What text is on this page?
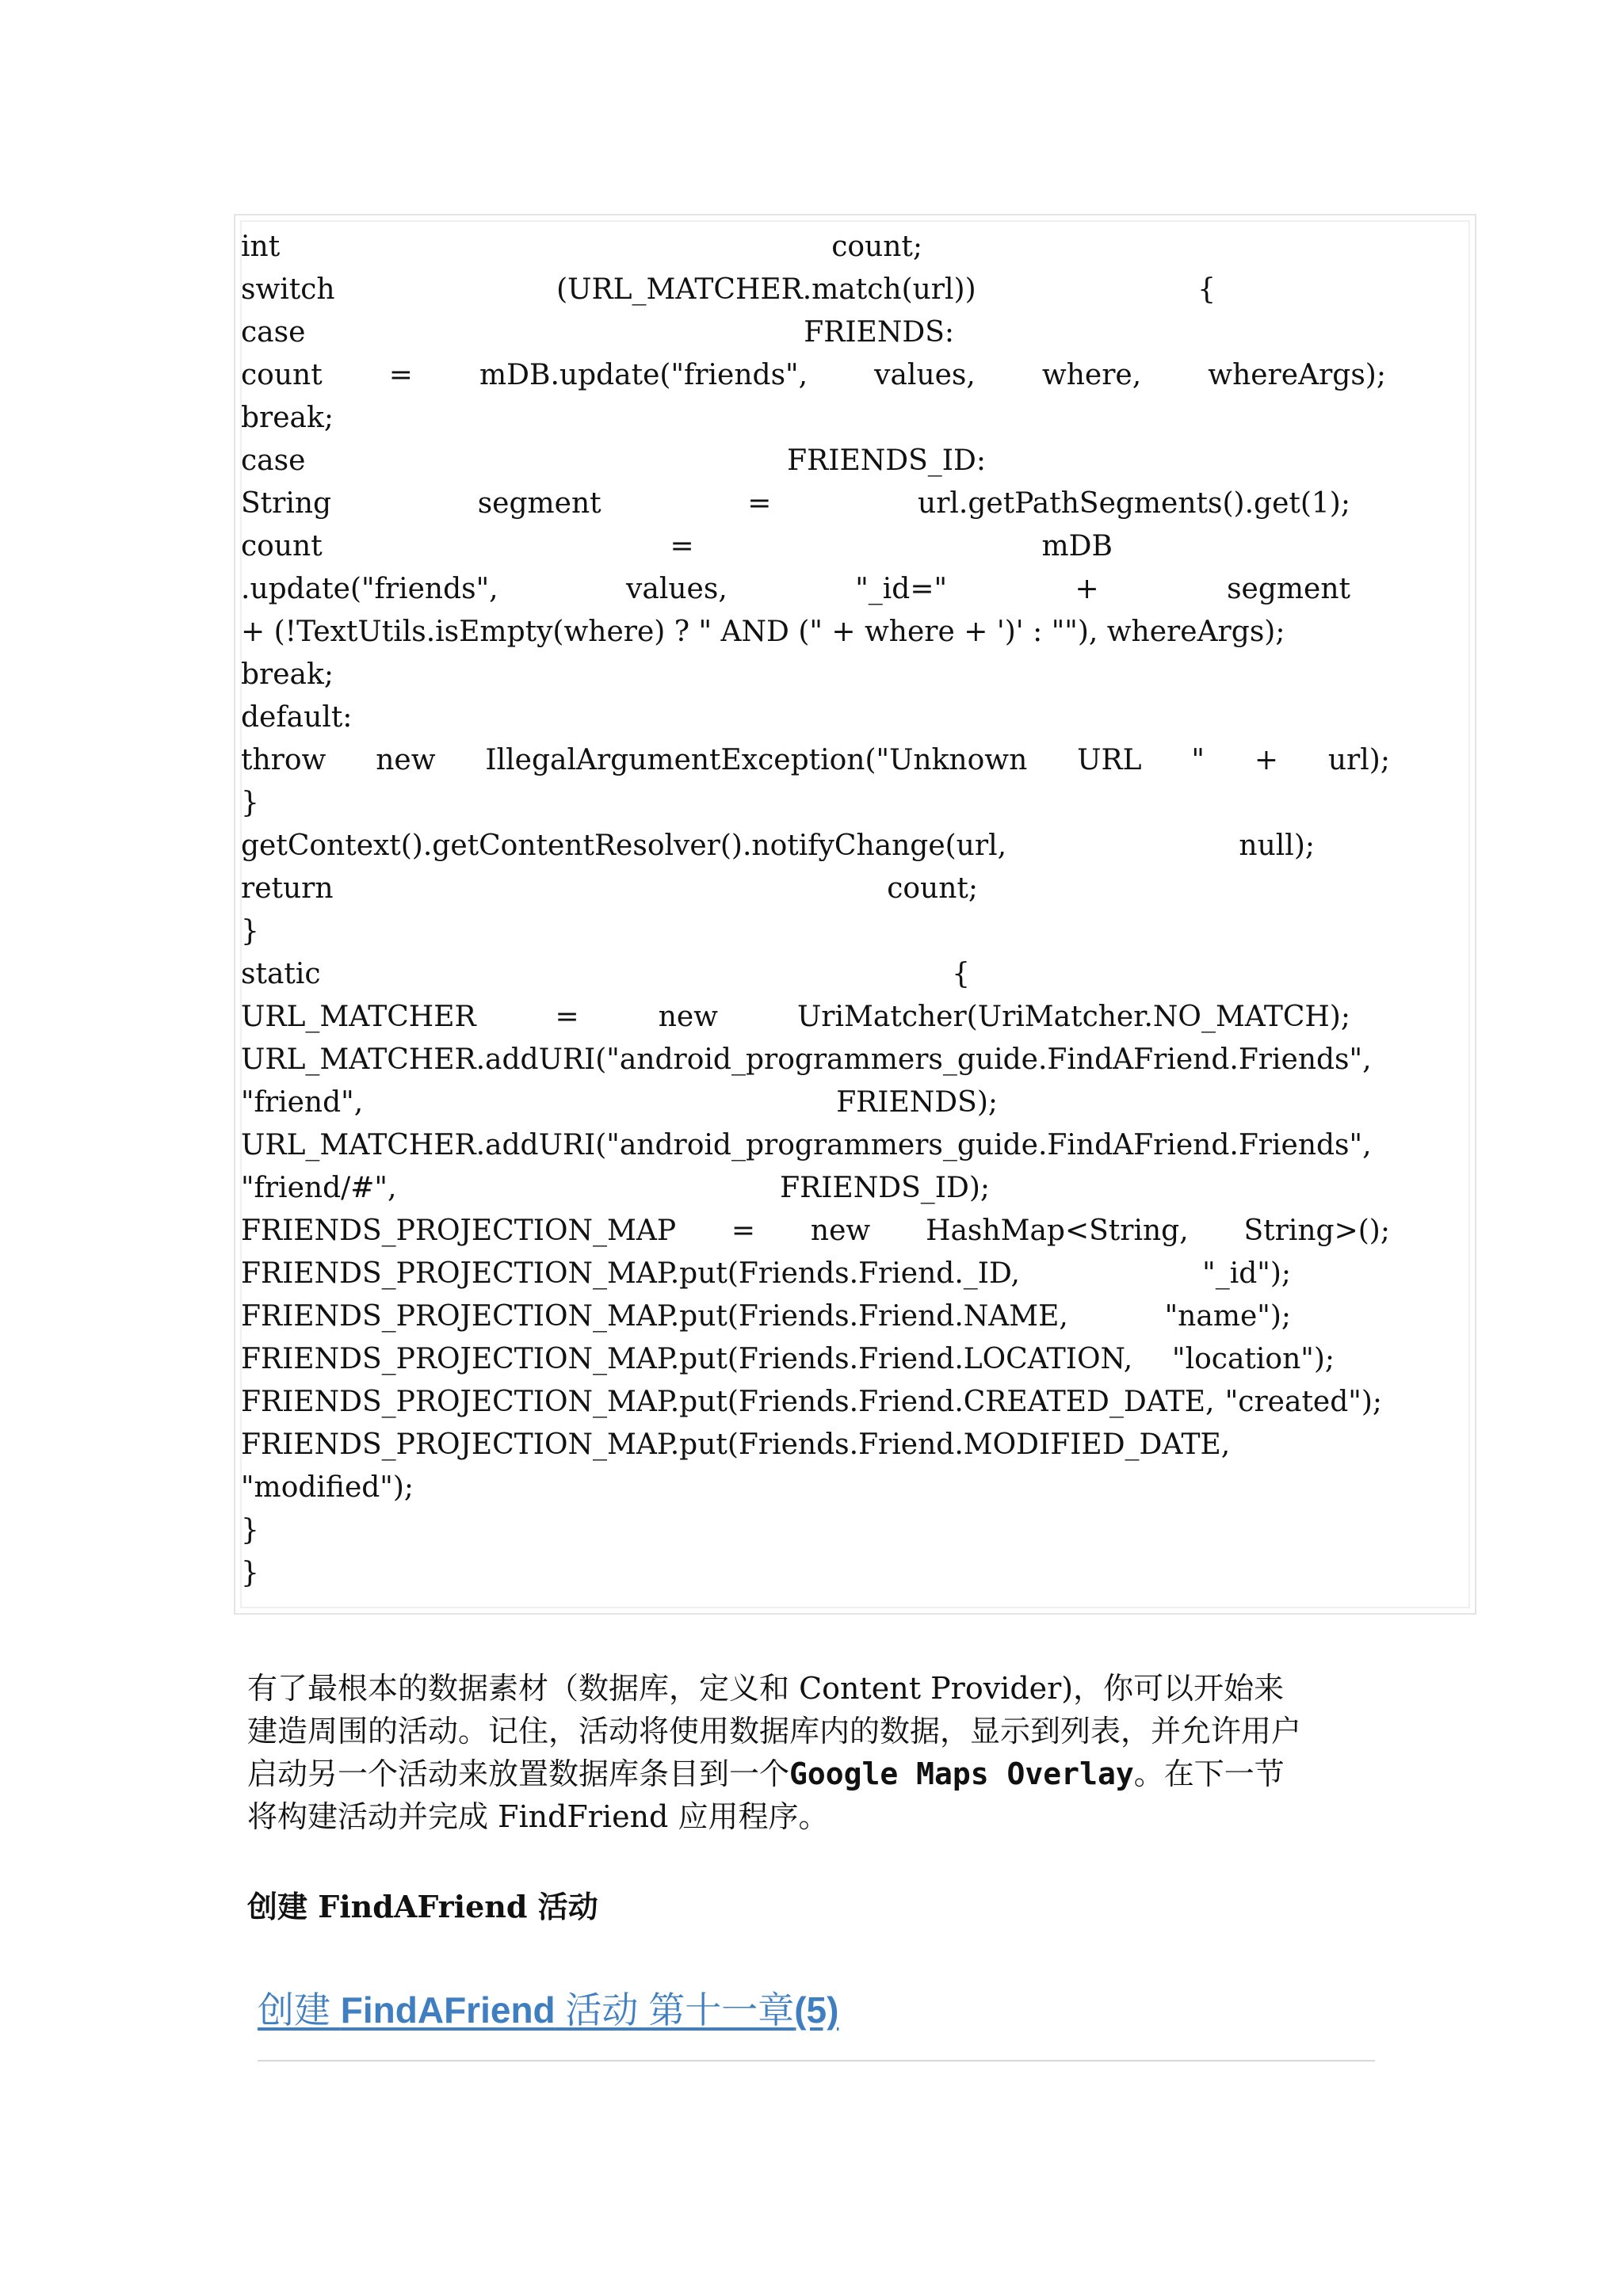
int	count;
switch	(URL_MATCHER.match(url))	{
case	FRIENDS:
count = mDB.update("friends", values, where, whereArgs);
break;
case	FRIENDS_ID:
String	segment	=	url.getPathSegments().get(1);
count	=	mDB
.update("friends",	values,	"_id="	+	segment
+ (!TextUtils.isEmpty(where) ? " AND (" + where + ')' : ""), whereArgs);
break;
default:
throw new IllegalArgumentException("Unknown URL " + url);
}
getContext().getContentResolver().notifyChange(url,	null);
return	count;
}
static	{
URL_MATCHER	=	new	UriMatcher(UriMatcher.NO_MATCH);
URL_MATCHER.addURI("android_programmers_guide.FindAFriend.Friends",
"friend",	FRIENDS);
URL_MATCHER.addURI("android_programmers_guide.FindAFriend.Friends",
"friend/#",	FRIENDS_ID);
FRIENDS_PROJECTION_MAP = new HashMap<String, String>();
FRIENDS_PROJECTION_MAP.put(Friends.Friend._ID,	"_id");
FRIENDS_PROJECTION_MAP.put(Friends.Friend.NAME,	"name");
FRIENDS_PROJECTION_MAP.put(Friends.Friend.LOCATION, "location");
FRIENDS_PROJECTION_MAP.put(Friends.Friend.CREATED_DATE, "created");
FRIENDS_PROJECTION_MAP.put(Friends.Friend.MODIFIED_DATE,
"modified");
}
}

有了最根本的数据素材（数据库，定义和 Content Provider)，你可以开始来

建造周围的活动。记住，活动将使用数据库内的数据，显示到列表，并允许用户

启动另一个活动来放置数据库条目到一个Google Maps Overlay。在下一节

将构建活动并完成 FindFriend 应用程序。

创建 FindAFriend 活动
创建 FindAFriend 活动 第十一章(5)
